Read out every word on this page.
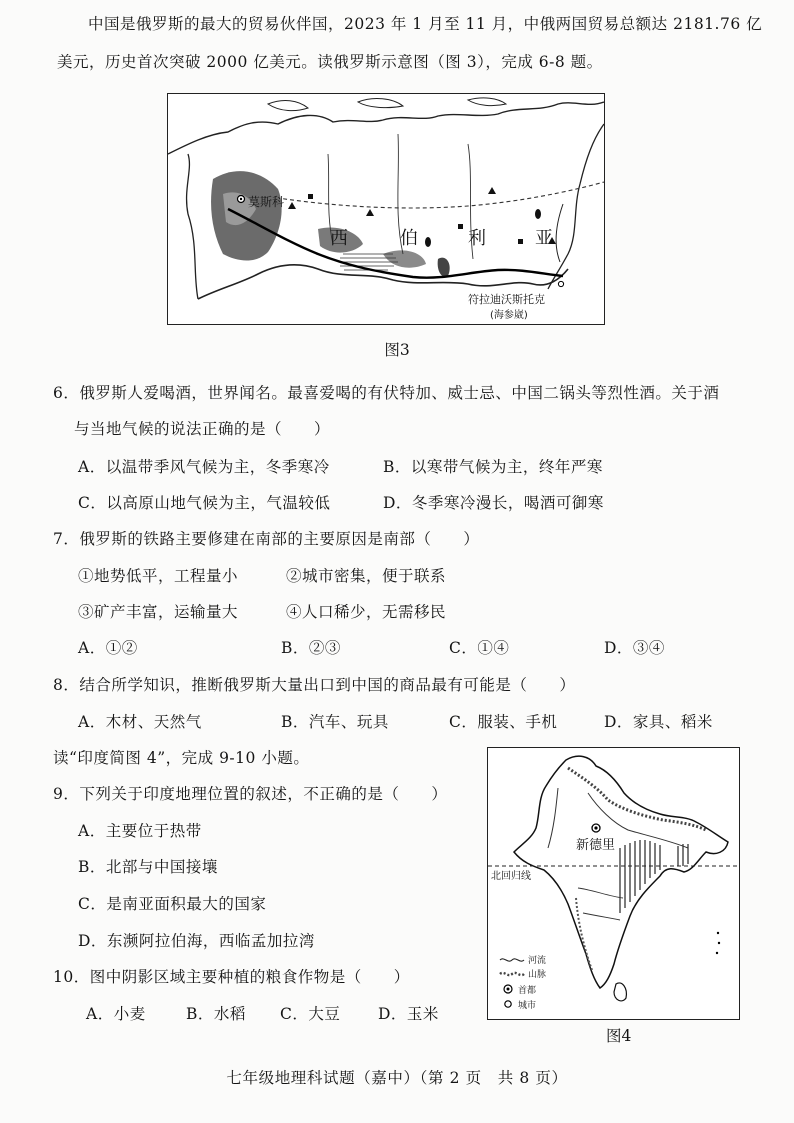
中国是俄罗斯的最大的贸易伙伴国，2023 年 1 月至 11 月，中俄两国贸易总额达 2181.76 亿
美元，历史首次突破 2000 亿美元。读俄罗斯示意图（图 3），完成 6-8 题。
莫斯科
西	伯	利	亚
符拉迪沃斯托克
(海参崴)
图3
6．俄罗斯人爱喝酒，世界闻名。最喜爱喝的有伏特加、威士忌、中国二锅头等烈性酒。关于酒
与当地气候的说法正确的是（　　）
A．以温带季风气候为主，冬季寒冷	B．以寒带气候为主，终年严寒
C．以高原山地气候为主，气温较低	D．冬季寒冷漫长，喝酒可御寒
7．俄罗斯的铁路主要修建在南部的主要原因是南部（　　）
①地势低平，工程量小	②城市密集，便于联系
③矿产丰富，运输量大	④人口稀少，无需移民
A．①②	B．②③	C．①④	D．③④
8．结合所学知识，推断俄罗斯大量出口到中国的商品最有可能是（　　）
A．木材、天然气	B．汽车、玩具	C．服装、手机	D．家具、稻米
读“印度简图 4”，完成 9-10 小题。
9．下列关于印度地理位置的叙述，不正确的是（　　）
A．主要位于热带
B．北部与中国接壤
C．是南亚面积最大的国家
D．东濒阿拉伯海，西临孟加拉湾
10．图中阴影区域主要种植的粮食作物是（　　）
A．小麦	B．水稻 C．大豆 D．玉米
新德里
北回归线
河流
山脉
首都
城市
图4
七年级地理科试题（嘉中）（第 2 页　共 8 页）
